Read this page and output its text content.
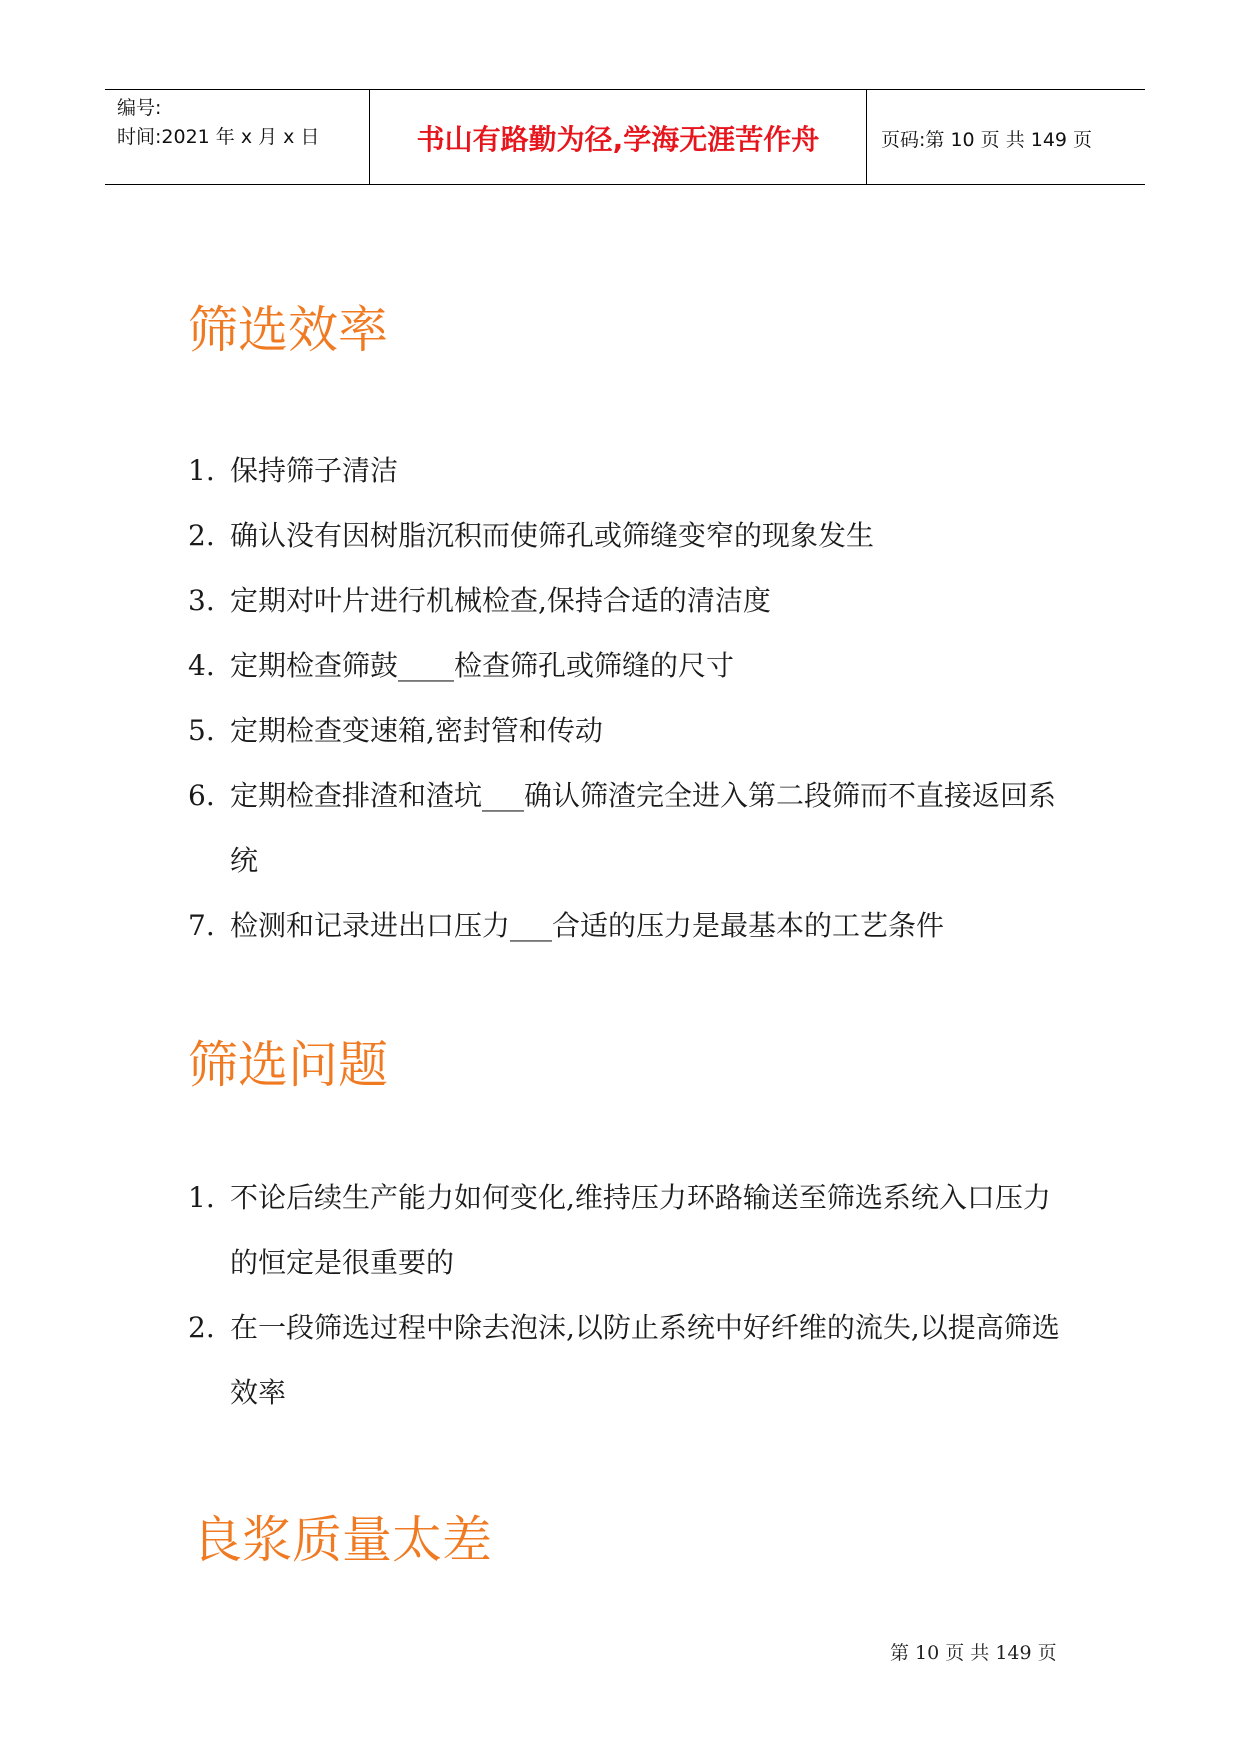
编号:
时间:2021 年 x 月 x 日	书山有路勤为径,学海无涯苦作舟	页码:第 10 页 共 149 页
筛选效率
1. 保持筛子清洁
2. 确认没有因树脂沉积而使筛孔或筛缝变窄的现象发生
3. 定期对叶片进行机械检查,保持合适的清洁度
4. 定期检查筛鼓____检查筛孔或筛缝的尺寸
5. 定期检查变速箱,密封管和传动
6. 定期检查排渣和渣坑___确认筛渣完全进入第二段筛而不直接返回系统
7. 检测和记录进出口压力___合适的压力是最基本的工艺条件
筛选问题
1. 不论后续生产能力如何变化,维持压力环路输送至筛选系统入口压力的恒定是很重要的
2. 在一段筛选过程中除去泡沫,以防止系统中好纤维的流失,以提高筛选效率
良浆质量太差
第 10 页 共 149 页
